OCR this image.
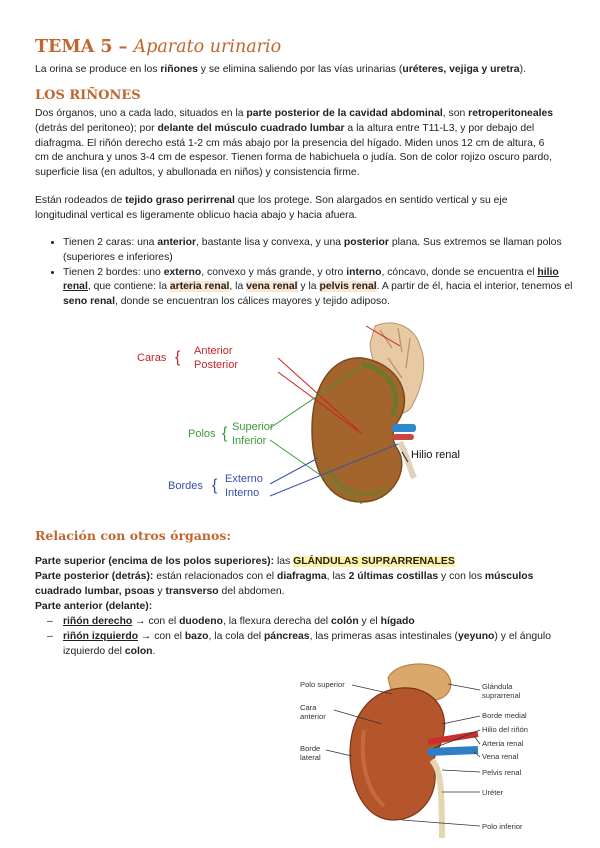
TEMA 5 – Aparato urinario
La orina se produce en los riñones y se elimina saliendo por las vías urinarias (uréteres, vejiga y uretra).
LOS RIÑONES
Dos órganos, uno a cada lado, situados en la parte posterior de la cavidad abdominal, son retroperitoneales (detrás del peritoneo); por delante del músculo cuadrado lumbar a la altura entre T11-L3, y por debajo del diafragma. El riñón derecho está 1-2 cm más abajo por la presencia del hígado. Miden unos 12 cm de altura, 6 cm de anchura y unos 3-4 cm de espesor. Tienen forma de habichuela o judía. Son de color rojizo oscuro pardo, superficie lisa (en adultos, y abullonada en niños) y consistencia firme.
Están rodeados de tejido graso perirrenal que los protege. Son alargados en sentido vertical y su eje longitudinal vertical es ligeramente oblicuo hacia abajo y hacia afuera.
• Tienen 2 caras: una anterior, bastante lisa y convexa, y una posterior plana. Sus extremos se llaman polos (superiores e inferiores)
• Tienen 2 bordes: uno externo, convexo y más grande, y otro interno, cóncavo, donde se encuentra el hilio renal, que contiene: la arteria renal, la vena renal y la pelvis renal. A partir de él, hacia el interior, tenemos el seno renal, donde se encuentran los cálices mayores y tejido adiposo.
Caras { Anterior
Posterior
Polos { Superior
Inferior
Bordes { Externo
Interno
Hilio renal
Relación con otros órganos:
Parte superior (encima de los polos superiores): las GLÁNDULAS SUPRARRENALES
Parte posterior (detrás): están relacionados con el diafragma, las 2 últimas costillas y con los músculos cuadrado lumbar, psoas y transverso del abdomen.
Parte anterior (delante):
– riñón derecho → con el duodeno, la flexura derecha del colón y el hígado
– riñón izquierdo → con el bazo, la cola del páncreas, las primeras asas intestinales (yeyuno) y el ángulo izquierdo del colon.
Polo superior
Cara
anterior
Borde
lateral
Glándula
suprarrenal
Borde medial
Hilio del riñón
Arteria renal
Vena renal
Pelvis renal
Uréter
Polo inferior
